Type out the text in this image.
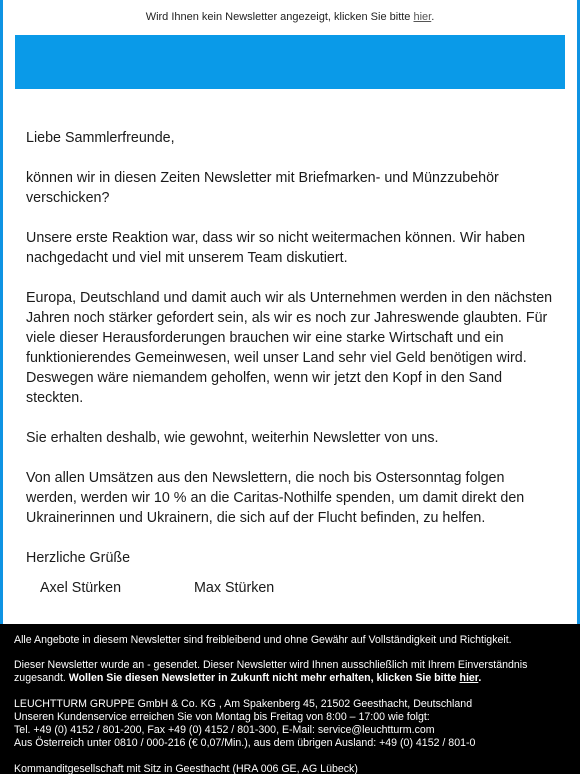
Wird Ihnen kein Newsletter angezeigt, klicken Sie bitte hier.

Liebe Sammlerfreunde,

können wir in diesen Zeiten Newsletter mit Briefmarken- und Münzzubehör verschicken?

Unsere erste Reaktion war, dass wir so nicht weitermachen können. Wir haben nachgedacht und viel mit unserem Team diskutiert.

Europa, Deutschland und damit auch wir als Unternehmen werden in den nächsten Jahren noch stärker gefordert sein, als wir es noch zur Jahreswende glaubten. Für viele dieser Herausforderungen brauchen wir eine starke Wirtschaft und ein funktionierendes Gemeinwesen, weil unser Land sehr viel Geld benötigen wird. Deswegen wäre niemandem geholfen, wenn wir jetzt den Kopf in den Sand steckten.

Sie erhalten deshalb, wie gewohnt, weiterhin Newsletter von uns.

Von allen Umsätzen aus den Newslettern, die noch bis Ostersonntag folgen werden, werden wir 10 % an die Caritas-Nothilfe spenden, um damit direkt den Ukrainerinnen und Ukrainern, die sich auf der Flucht befinden, zu helfen.

Herzliche Grüße

Axel Stürken	Max Stürken
Alle Angebote in diesem Newsletter sind freibleibend und ohne Gewähr auf Vollständigkeit und Richtigkeit.
Dieser Newsletter wurde an - gesendet. Dieser Newsletter wird Ihnen ausschließlich mit Ihrem Einverständnis
zugesandt. Wollen Sie diesen Newsletter in Zukunft nicht mehr erhalten, klicken Sie bitte hier.
LEUCHTTURM GRUPPE GmbH & Co. KG , Am Spakenberg 45, 21502 Geesthacht, Deutschland
Unseren Kundenservice erreichen Sie von Montag bis Freitag von 8:00 – 17:00 wie folgt:
Tel. +49 (0) 4152 / 801-200, Fax +49 (0) 4152 / 801-300, E-Mail: service@leuchtturm.com
Aus Österreich unter 0810 / 000-216 (€ 0,07/Min.), aus dem übrigen Ausland: +49 (0) 4152 / 801-0
Kommanditgesellschaft mit Sitz in Geesthacht (HRA 006 GE, AG Lübeck)
